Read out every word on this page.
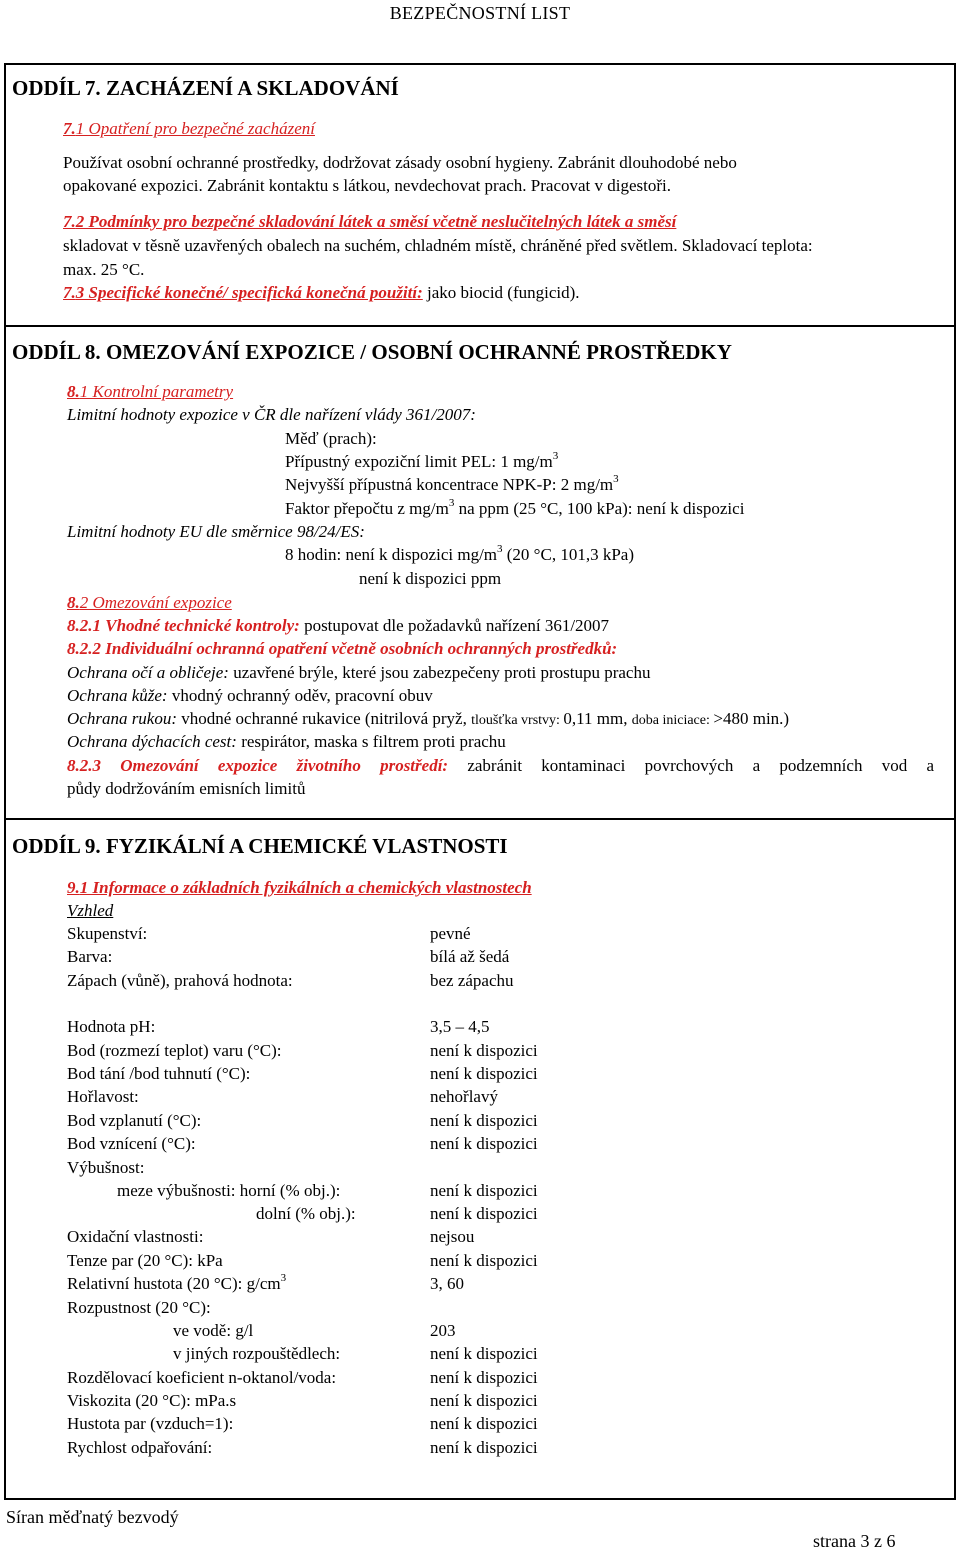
BEZPEČNOSTNÍ LIST
ODDÍL 7. ZACHÁZENÍ A SKLADOVÁNÍ
7.1 Opatření pro bezpečné zacházení
Používat osobní ochranné prostředky, dodržovat zásady osobní hygieny. Zabránit dlouhodobé nebo
opakované expozici. Zabránit kontaktu s látkou, nevdechovat prach. Pracovat v digestoři.
7.2 Podmínky pro bezpečné skladování látek a směsí včetně neslučitelných látek a směsí
skladovat v těsně uzavřených obalech na suchém, chladném místě, chráněné před světlem. Skladovací teplota:
max. 25 °C.
7.3 Specifické konečné/ specifická konečná použití: jako biocid (fungicid).
ODDÍL 8. OMEZOVÁNÍ EXPOZICE / OSOBNÍ OCHRANNÉ PROSTŘEDKY
8.1 Kontrolní parametry
Limitní hodnoty expozice v ČR dle nařízení vlády 361/2007:
Měď (prach):
Přípustný expoziční limit PEL: 1 $mg/m^3$
Nejvyšší přípustná koncentrace NPK-P: 2 $mg/m^3$
Faktor přepočtu z $mg/m^3$ na ppm (25 °C, 100 kPa): není k dispozici
Limitní hodnoty EU dle směrnice 98/24/ES:
8 hodin: není k dispozici $mg/m^3$ (20 °C, 101,3 kPa)
není k dispozici ppm
8.2 Omezování expozice
8.2.1 Vhodné technické kontroly: postupovat dle požadavků nařízení 361/2007
8.2.2 Individuální ochranná opatření včetně osobních ochranných prostředků:
Ochrana očí a obličeje: uzavřené brýle, které jsou zabezpečeny proti prostupu prachu
Ochrana kůže: vhodný ochranný oděv, pracovní obuv
Ochrana rukou: vhodné ochranné rukavice (nitrilová pryž, tloušťka vrstvy: 0,11 mm, doba iniciace: >480 min.)
Ochrana dýchacích cest: respirátor, maska s filtrem proti prachu
8.2.3 Omezování expozice životního prostředí: zabránit kontaminaci povrchových a podzemních vod a
půdy dodržováním emisních limitů
ODDÍL 9. FYZIKÁLNÍ A CHEMICKÉ VLASTNOSTI
9.1 Informace o základních fyzikálních a chemických vlastnostech
Vzhled
Skupenství:	pevné
Barva:	bílá až šedá
Zápach (vůně), prahová hodnota:	bez zápachu
Hodnota pH:	3,5 – 4,5
Bod (rozmezí teplot) varu (°C):	není k dispozici
Bod tání /bod tuhnutí (°C):	není k dispozici
Hořlavost:	nehořlavý
Bod vzplanutí (°C):	není k dispozici
Bod vznícení (°C):	není k dispozici
Výbušnost:
meze výbušnosti: horní (% obj.):	není k dispozici
dolní (% obj.):	není k dispozici
Oxidační vlastnosti:	nejsou
Tenze par (20 °C): kPa	není k dispozici
Relativní hustota (20 °C): $g/cm^3$	3, 60
Rozpustnost (20 °C):
ve vodě: g/l	203
v jiných rozpouštědlech:	není k dispozici
Rozdělovací koeficient n-oktanol/voda:	není k dispozici
Viskozita (20 °C): mPa.s	není k dispozici
Hustota par (vzduch=1):	není k dispozici
Rychlost odpařování:	není k dispozici
Síran měďnatý bezvodý
strana 3 z 6
